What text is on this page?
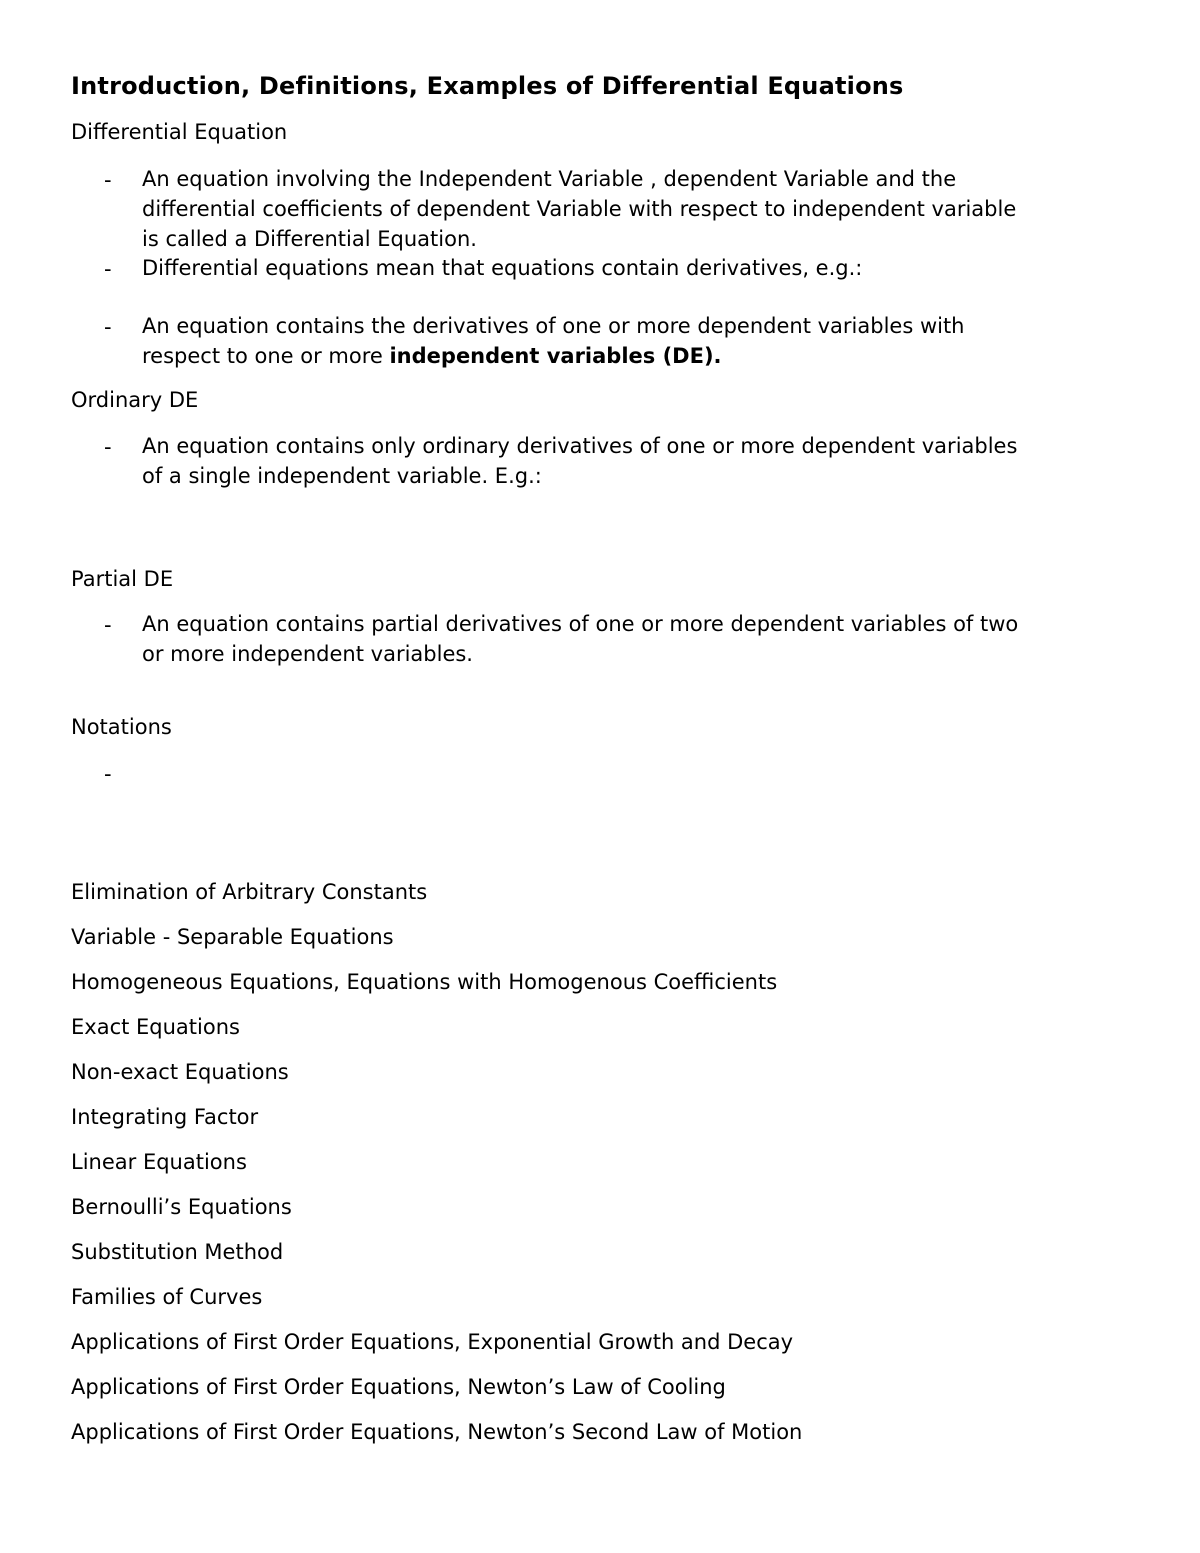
Introduction, Definitions, Examples of Differential Equations
Differential Equation
-	An equation involving the Independent Variable , dependent Variable and the
differential coefficients of dependent Variable with respect to independent variable
is called a Differential Equation.
-	Differential equations mean that equations contain derivatives, e.g.:
-	An equation contains the derivatives of one or more dependent variables with
respect to one or more independent variables (DE).
Ordinary DE
-	An equation contains only ordinary derivatives of one or more dependent variables
of a single independent variable. E.g.:
Partial DE
-	An equation contains partial derivatives of one or more dependent variables of two
or more independent variables.
Notations
-
Elimination of Arbitrary Constants
Variable - Separable Equations
Homogeneous Equations, Equations with Homogenous Coefficients
Exact Equations
Non-exact Equations
Integrating Factor
Linear Equations
Bernoulli’s Equations
Substitution Method
Families of Curves
Applications of First Order Equations, Exponential Growth and Decay
Applications of First Order Equations, Newton’s Law of Cooling
Applications of First Order Equations, Newton’s Second Law of Motion
